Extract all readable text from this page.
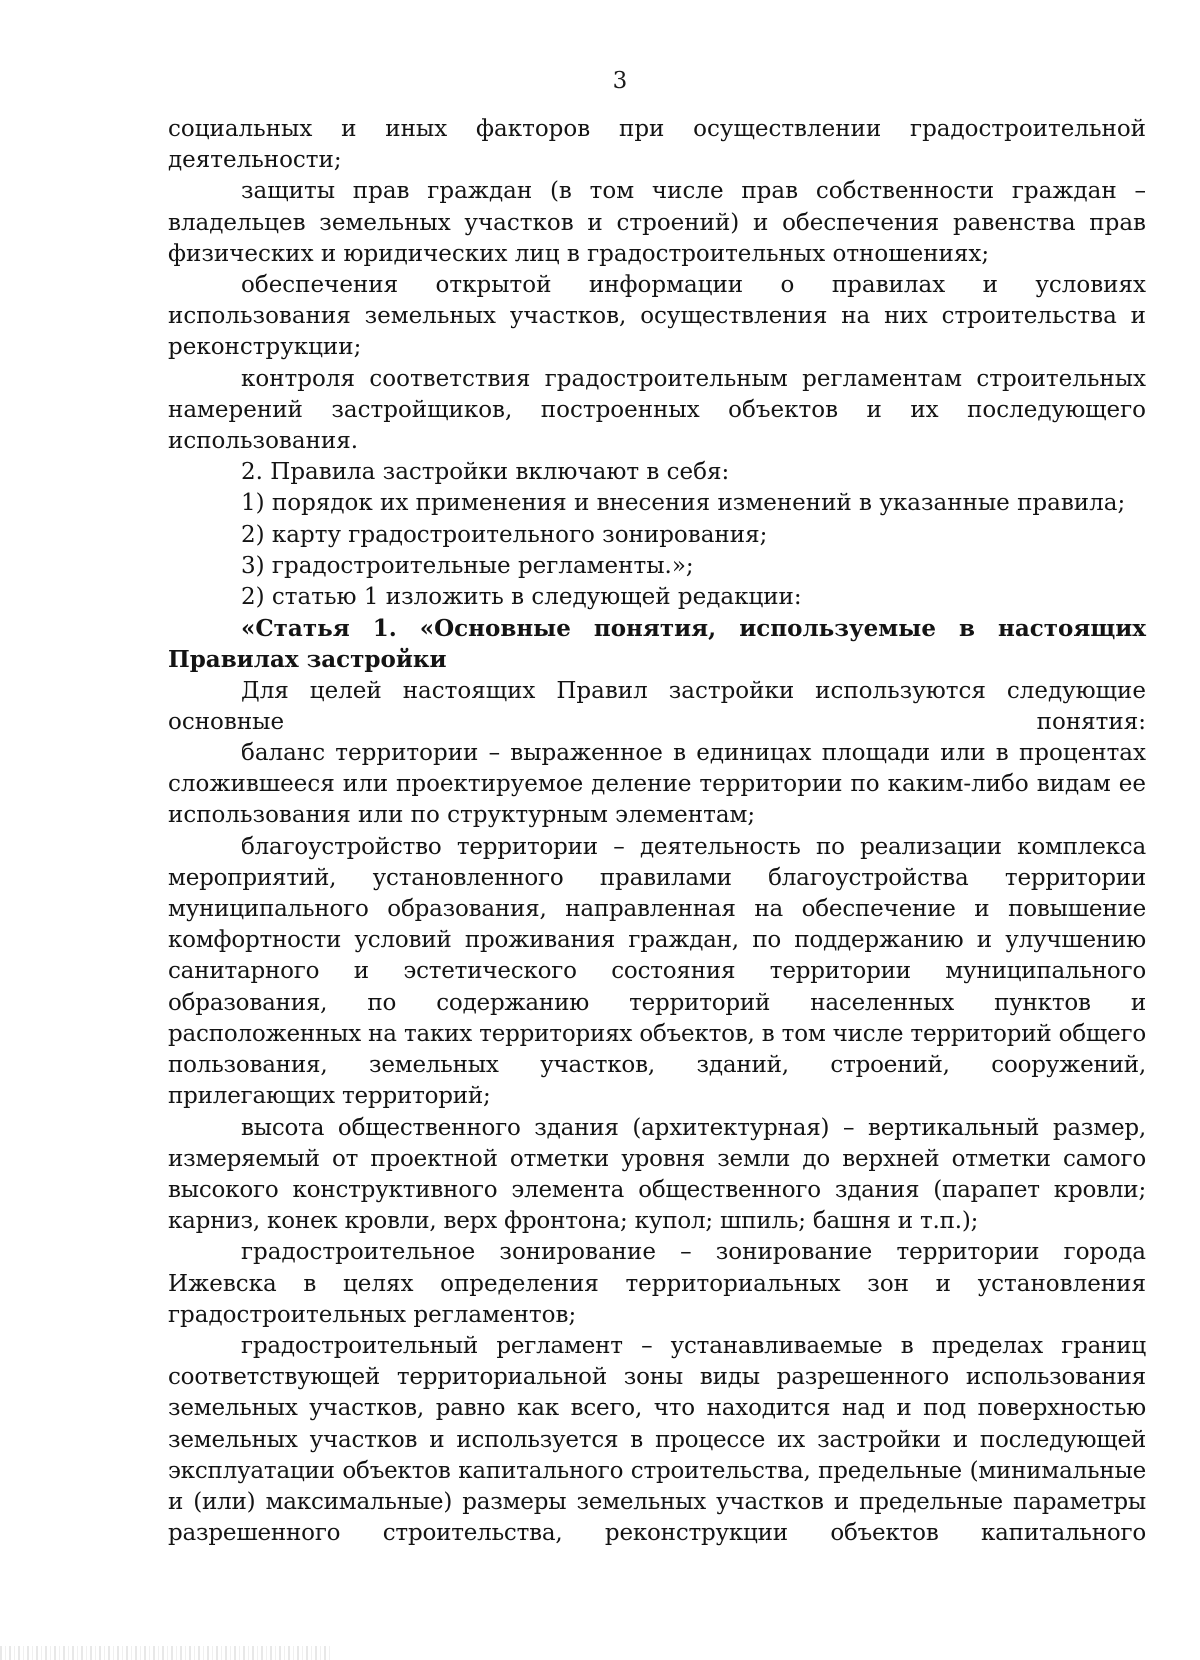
3

социальных и иных факторов при осуществлении градостроительной деятельности;

защиты прав граждан (в том числе прав собственности граждан – владельцев земельных участков и строений) и обеспечения равенства прав физических и юридических лиц в градостроительных отношениях;

обеспечения открытой информации о правилах и условиях использования земельных участков, осуществления на них строительства и реконструкции;

контроля соответствия градостроительным регламентам строительных намерений застройщиков, построенных объектов и их последующего использования.

2. Правила застройки включают в себя:

1) порядок их применения и внесения изменений в указанные правила;

2) карту градостроительного зонирования;

3) градостроительные регламенты.»;

2) статью 1 изложить в следующей редакции:

«Статья 1. «Основные понятия, используемые в настоящих Правилах застройки

Для целей настоящих Правил застройки используются следующие основные понятия:

баланс территории – выраженное в единицах площади или в процентах сложившееся или проектируемое деление территории по каким-либо видам ее использования или по структурным элементам;

благоустройство территории – деятельность по реализации комплекса мероприятий, установленного правилами благоустройства территории муниципального образования, направленная на обеспечение и повышение комфортности условий проживания граждан, по поддержанию и улучшению санитарного и эстетического состояния территории муниципального образования, по содержанию территорий населенных пунктов и расположенных на таких территориях объектов, в том числе территорий общего пользования, земельных участков, зданий, строений, сооружений, прилегающих территорий;

высота общественного здания (архитектурная) – вертикальный размер, измеряемый от проектной отметки уровня земли до верхней отметки самого высокого конструктивного элемента общественного здания (парапет кровли; карниз, конек кровли, верх фронтона; купол; шпиль; башня и т.п.);

градостроительное зонирование – зонирование территории города Ижевска в целях определения территориальных зон и установления градостроительных регламентов;

градостроительный регламент – устанавливаемые в пределах границ соответствующей территориальной зоны виды разрешенного использования земельных участков, равно как всего, что находится над и под поверхностью земельных участков и используется в процессе их застройки и последующей эксплуатации объектов капитального строительства, предельные (минимальные и (или) максимальные) размеры земельных участков и предельные параметры разрешенного строительства, реконструкции объектов капитального
